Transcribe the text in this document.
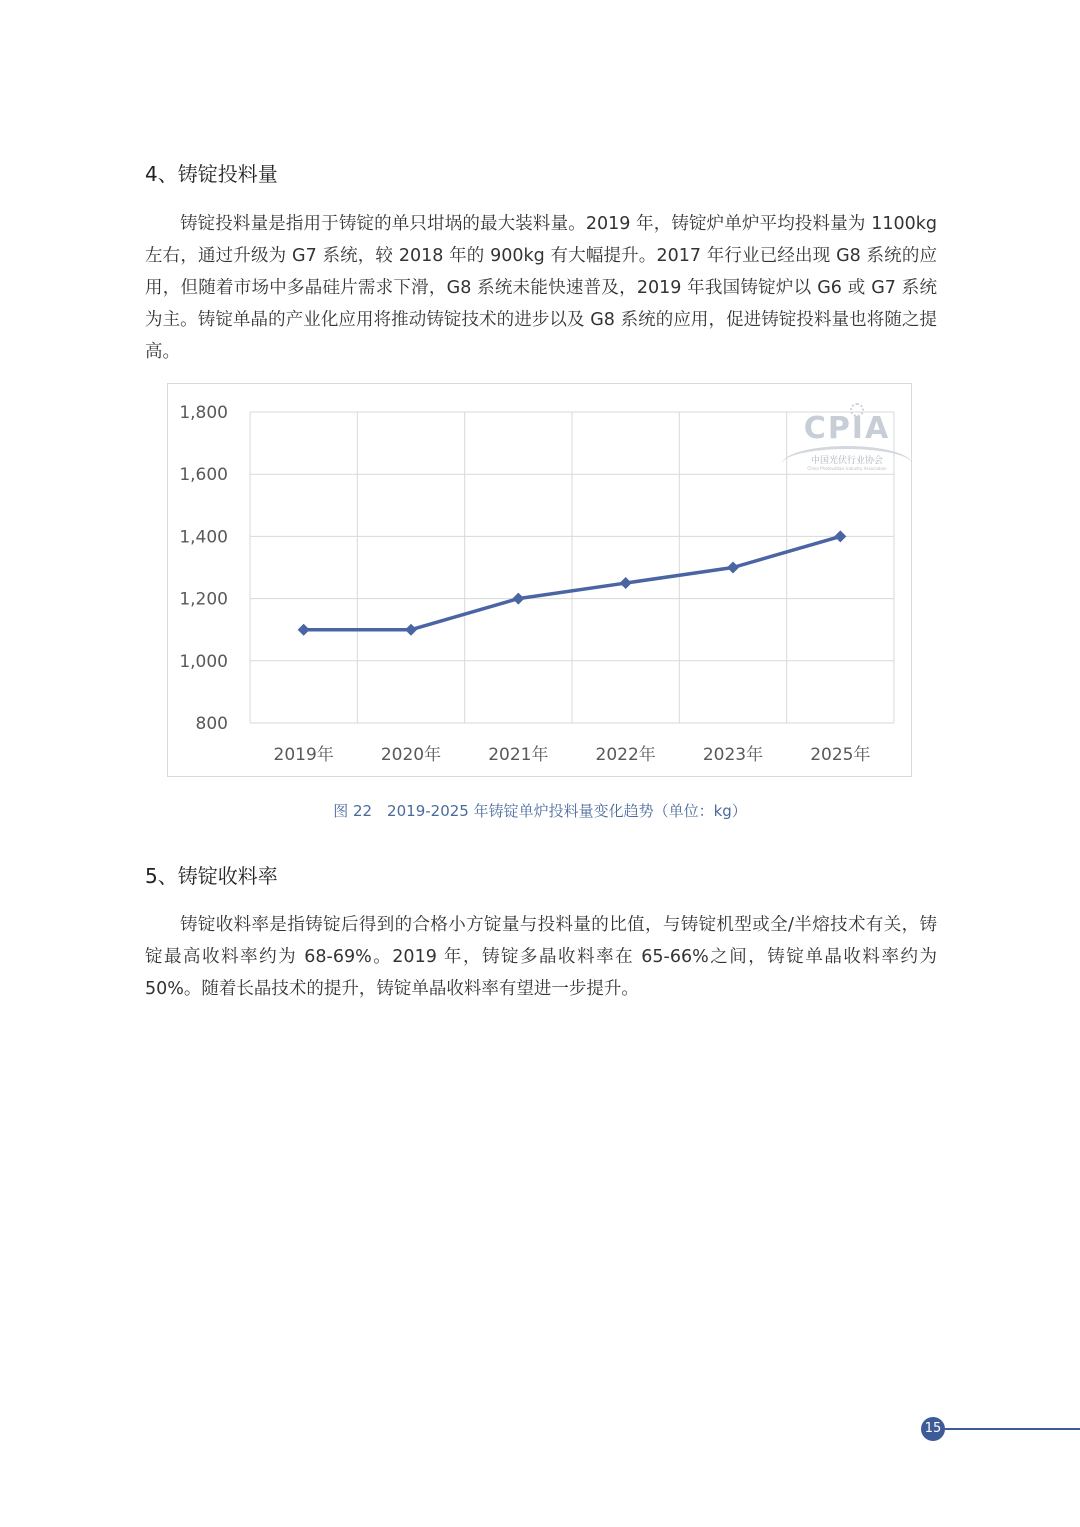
4、铸锭投料量

铸锭投料量是指用于铸锭的单只坩埚的最大装料量。2019 年，铸锭炉单炉平均投料量为 1100kg 左右，通过升级为 G7 系统，较 2018 年的 900kg 有大幅提升。2017 年行业已经出现 G8 系统的应用，但随着市场中多晶硅片需求下滑，G8 系统未能快速普及，2019 年我国铸锭炉以 G6 或 G7 系统为主。铸锭单晶的产业化应用将推动铸锭技术的进步以及 G8 系统的应用，促进铸锭投料量也将随之提高。

800
1,000
1,200
1,400
1,600
1,800
2019年	2020年	2021年	2022年	2023年	2025年
CPIA
中国光伏行业协会
China Photovoltaic Industry Association
图 22　2019-2025 年铸锭单炉投料量变化趋势（单位：kg）
5、铸锭收料率

铸锭收料率是指铸锭后得到的合格小方锭量与投料量的比值，与铸锭机型或全/半熔技术有关，铸锭最高收料率约为 68-69%。2019 年，铸锭多晶收料率在 65-66%之间，铸锭单晶收料率约为 50%。随着长晶技术的提升，铸锭单晶收料率有望进一步提升。

15
